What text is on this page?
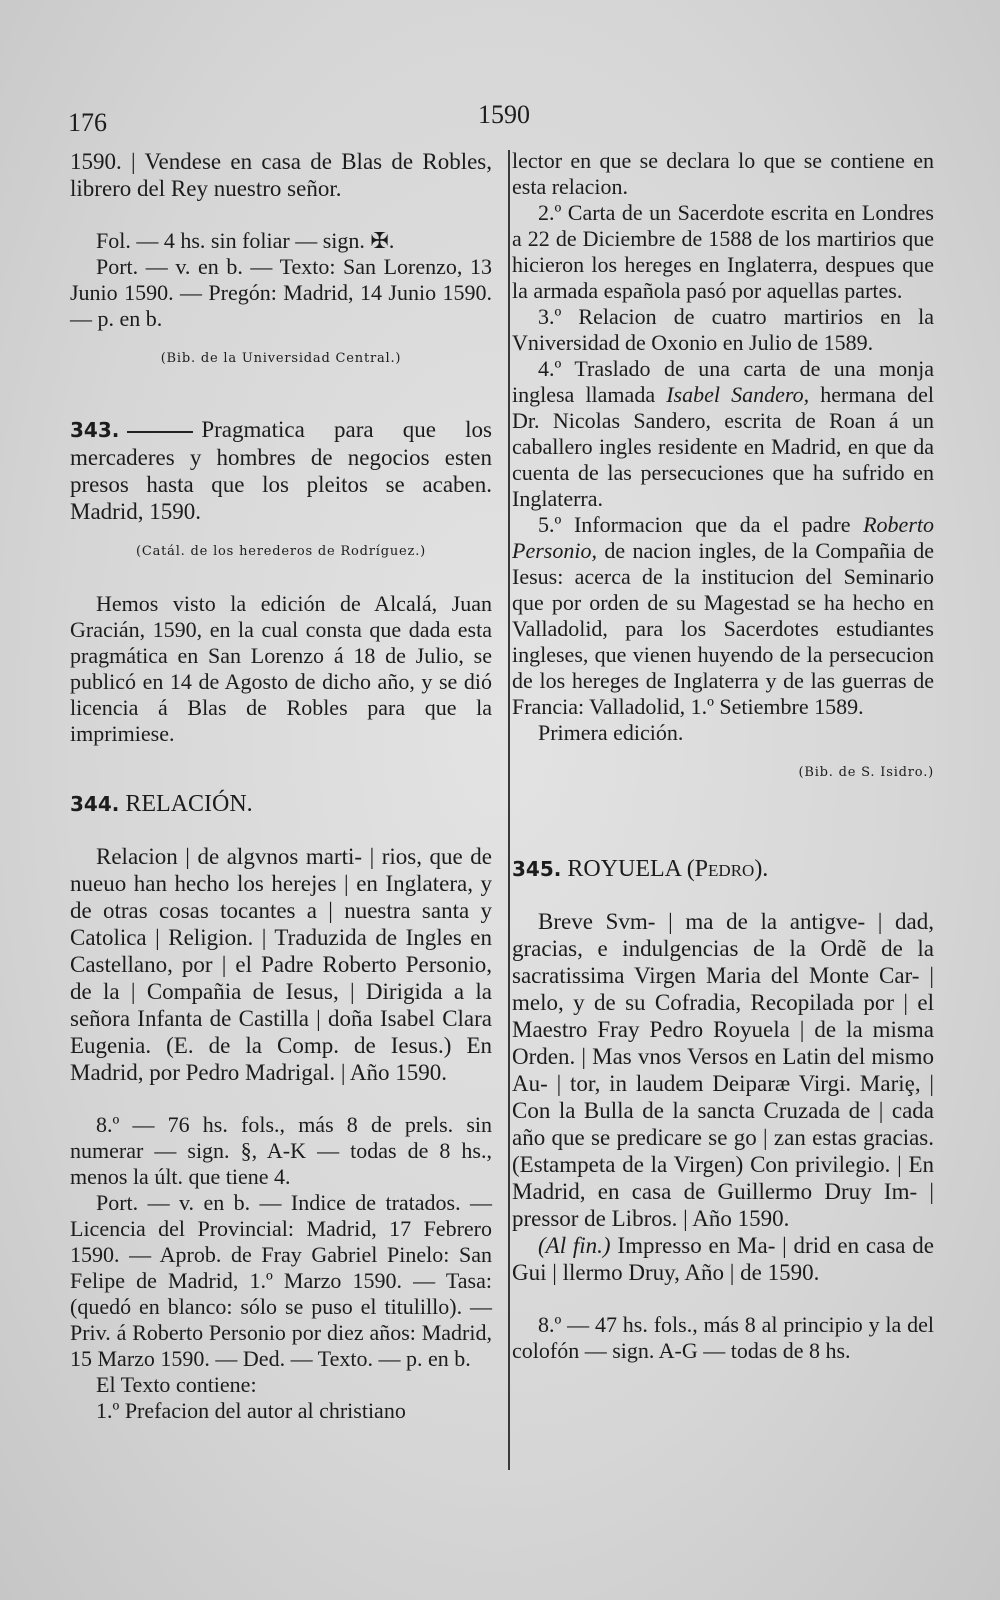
176	1590

1590. | Vendese en casa de Blas de Robles, librero del Rey nuestro señor.

Fol. — 4 hs. sin foliar — sign. ✠.

Port. — v. en b. — Texto: San Lorenzo, 13 Junio 1590. — Pregón: Madrid, 14 Junio 1590. — p. en b.

(Bib. de la Universidad Central.)

343.	Pragmatica para que los mercaderes y hombres de negocios esten presos hasta que los pleitos se acaben. Madrid, 1590.

(Catál. de los herederos de Rodríguez.)

Hemos visto la edición de Alcalá, Juan Gracián, 1590, en la cual consta que dada esta pragmática en San Lorenzo á 18 de Julio, se publicó en 14 de Agosto de dicho año, y se dió licencia á Blas de Robles para que la imprimiese.

344. RELACIÓN.

Relacion | de algvnos marti- | rios, que de nueuo han hecho los herejes | en Inglatera, y de otras cosas tocantes a | nuestra santa y Catolica | Religion. | Traduzida de Ingles en Castellano, por | el Padre Roberto Personio, de la | Compañia de Iesus, | Dirigida a la señora Infanta de Castilla | doña Isabel Clara Eugenia. (E. de la Comp. de Iesus.) En Madrid, por Pedro Madrigal. | Año 1590.

8.º — 76 hs. fols., más 8 de prels. sin numerar — sign. §, A-K — todas de 8 hs., menos la últ. que tiene 4.

Port. — v. en b. — Indice de tratados. — Licencia del Provincial: Madrid, 17 Febrero 1590. — Aprob. de Fray Gabriel Pinelo: San Felipe de Madrid, 1.º Marzo 1590. — Tasa: (quedó en blanco: sólo se puso el titulillo). — Priv. á Roberto Personio por diez años: Madrid, 15 Marzo 1590. — Ded. — Texto. — p. en b.

El Texto contiene:

1.º Prefacion del autor al christiano

lector en que se declara lo que se contiene en esta relacion.

2.º Carta de un Sacerdote escrita en Londres a 22 de Diciembre de 1588 de los martirios que hicieron los hereges en Inglaterra, despues que la armada española pasó por aquellas partes.

3.º Relacion de cuatro martirios en la Vniversidad de Oxonio en Julio de 1589.

4.º Traslado de una carta de una monja inglesa llamada Isabel Sandero, hermana del Dr. Nicolas Sandero, escrita de Roan á un caballero ingles residente en Madrid, en que da cuenta de las persecuciones que ha sufrido en Inglaterra.

5.º Informacion que da el padre Roberto Personio, de nacion ingles, de la Compañia de Iesus: acerca de la institucion del Seminario que por orden de su Magestad se ha hecho en Valladolid, para los Sacerdotes estudiantes ingleses, que vienen huyendo de la persecucion de los hereges de Inglaterra y de las guerras de Francia: Valladolid, 1.º Setiembre 1589.

Primera edición.

(Bib. de S. Isidro.)

345. ROYUELA (Pedro).

Breve Svm- | ma de la antigve- | dad, gracias, e indulgencias de la Ordẽ de la sacratissima Virgen Maria del Monte Car- | melo, y de su Cofradia, Recopilada por | el Maestro Fray Pedro Royuela | de la misma Orden. | Mas vnos Versos en Latin del mismo Au- | tor, in laudem Deiparæ Virgi. Mariȩ, | Con la Bulla de la sancta Cruzada de | cada año que se predicare se go | zan estas gracias. (Estampeta de la Virgen) Con privilegio. | En Madrid, en casa de Guillermo Druy Im- | pressor de Libros. | Año 1590.

(Al fin.) Impresso en Ma- | drid en casa de Gui | llermo Druy, Año | de 1590.

8.º — 47 hs. fols., más 8 al principio y la del colofón — sign. A-G — todas de 8 hs.
